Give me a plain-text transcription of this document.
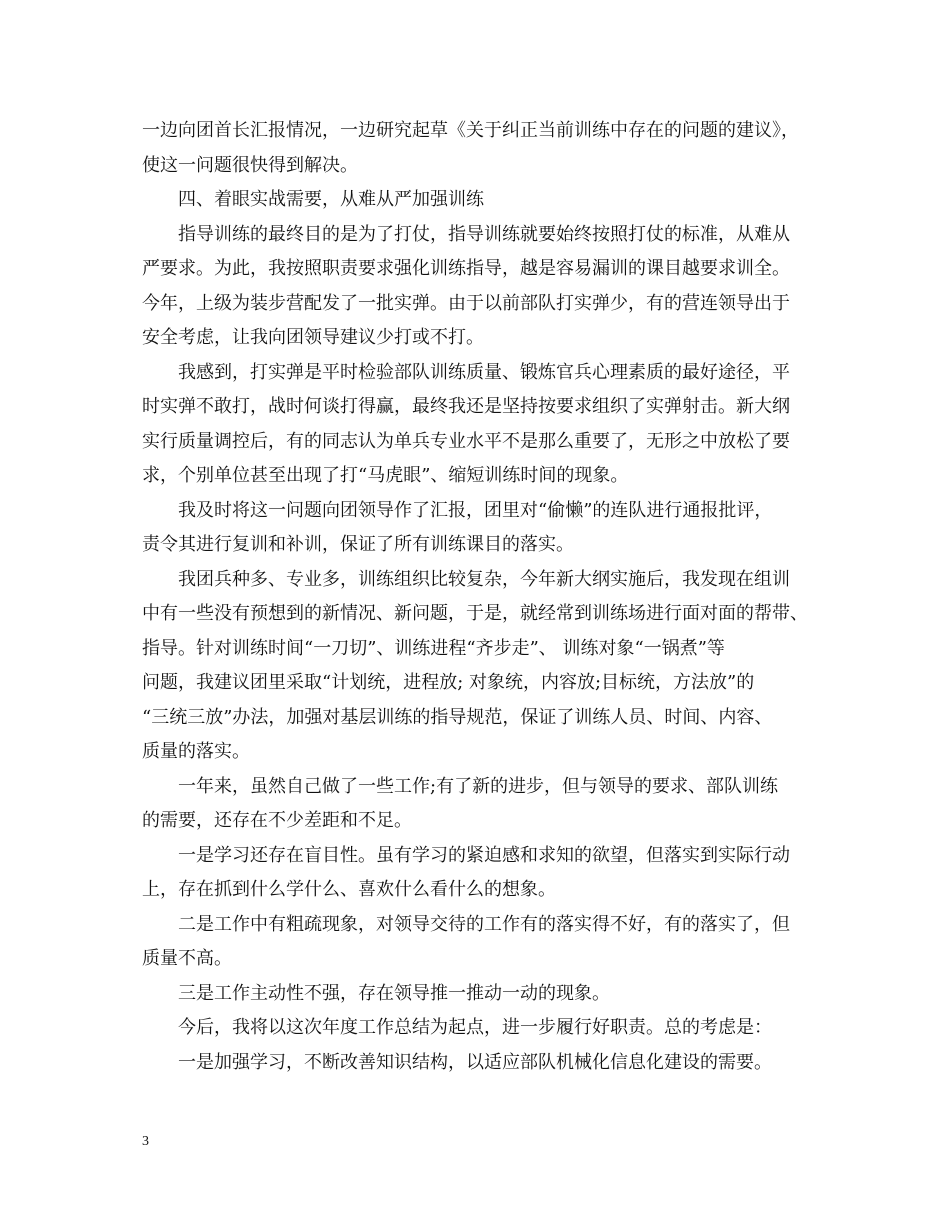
一边向团首长汇报情况，一边研究起草《关于纠正当前训练中存在的问题的建议》，
使这一问题很快得到解决。
四、着眼实战需要，从难从严加强训练
指导训练的最终目的是为了打仗，指导训练就要始终按照打仗的标准，从难从
严要求。为此，我按照职责要求强化训练指导，越是容易漏训的课目越要求训全。
今年，上级为装步营配发了一批实弹。由于以前部队打实弹少，有的营连领导出于
安全考虑，让我向团领导建议少打或不打。
我感到，打实弹是平时检验部队训练质量、锻炼官兵心理素质的最好途径，平
时实弹不敢打，战时何谈打得赢，最终我还是坚持按要求组织了实弹射击。新大纲
实行质量调控后，有的同志认为单兵专业水平不是那么重要了，无形之中放松了要
求，个别单位甚至出现了打“马虎眼”、缩短训练时间的现象。
我及时将这一问题向团领导作了汇报，团里对“偷懒”的连队进行通报批评，
责令其进行复训和补训，保证了所有训练课目的落实。
我团兵种多、专业多，训练组织比较复杂，今年新大纲实施后，我发现在组训
中有一些没有预想到的新情况、新问题，于是，就经常到训练场进行面对面的帮带、
指导。针对训练时间“一刀切”、训练进程“齐步走”、 训练对象“一锅煮”等
问题，我建议团里采取“计划统，进程放; 对象统，内容放;目标统，方法放”的
“三统三放”办法，加强对基层训练的指导规范，保证了训练人员、时间、内容、
质量的落实。
一年来，虽然自己做了一些工作;有了新的进步，但与领导的要求、部队训练
的需要，还存在不少差距和不足。
一是学习还存在盲目性。虽有学习的紧迫感和求知的欲望，但落实到实际行动
上，存在抓到什么学什么、喜欢什么看什么的想象。
二是工作中有粗疏现象，对领导交待的工作有的落实得不好，有的落实了，但
质量不高。
三是工作主动性不强，存在领导推一推动一动的现象。
今后，我将以这次年度工作总结为起点，进一步履行好职责。总的考虑是：
一是加强学习，不断改善知识结构，以适应部队机械化信息化建设的需要。
3
